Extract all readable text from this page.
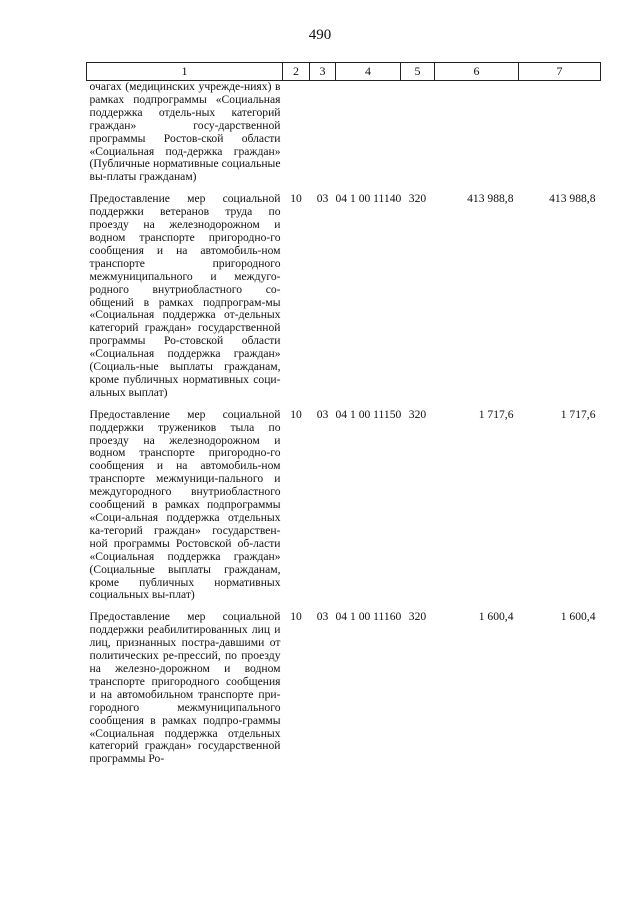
490
1	2	3	4	5	6	7
очагах (медицинских учрежде-ниях) в рамках подпрограммы «Социальная поддержка отдель-ных категорий граждан» госу-дарственной программы Ростов-ской области «Социальная под-держка граждан» (Публичные нормативные социальные вы-платы гражданам)						

Предоставление мер социальной поддержки ветеранов труда по проезду на железнодорожном и водном транспорте пригородно-го сообщения и на автомобиль-ном транспорте пригородного межмуниципального и междуго-родного внутриобластного со-общений в рамках подпрограм-мы «Социальная поддержка от-дельных категорий граждан» государственной программы Ро-стовской области «Социальная поддержка граждан» (Социаль-ные выплаты гражданам, кроме публичных нормативных соци-альных выплат)	10	03	04 1 00 11140	320	413 988,8	413 988,8

Предоставление мер социальной поддержки тружеников тыла по проезду на железнодорожном и водном транспорте пригородно-го сообщения и на автомобиль-ном транспорте межмуници-пального и междугородного внутриобластного сообщений в рамках подпрограммы «Соци-альная поддержка отдельных ка-тегорий граждан» государствен-ной программы Ростовской об-ласти «Социальная поддержка граждан» (Социальные выплаты гражданам, кроме публичных нормативных социальных вы-плат)	10	03	04 1 00 11150	320	1 717,6	1 717,6

Предоставление мер социальной поддержки реабилитированных лиц и лиц, признанных постра-давшими от политических ре-прессий, по проезду на железно-дорожном и водном транспорте пригородного сообщения и на автомобильном транспорте при-городного межмуниципального сообщения в рамках подпро-граммы «Социальная поддержка отдельных категорий граждан» государственной программы Ро-	10	03	04 1 00 11160	320	1 600,4	1 600,4
